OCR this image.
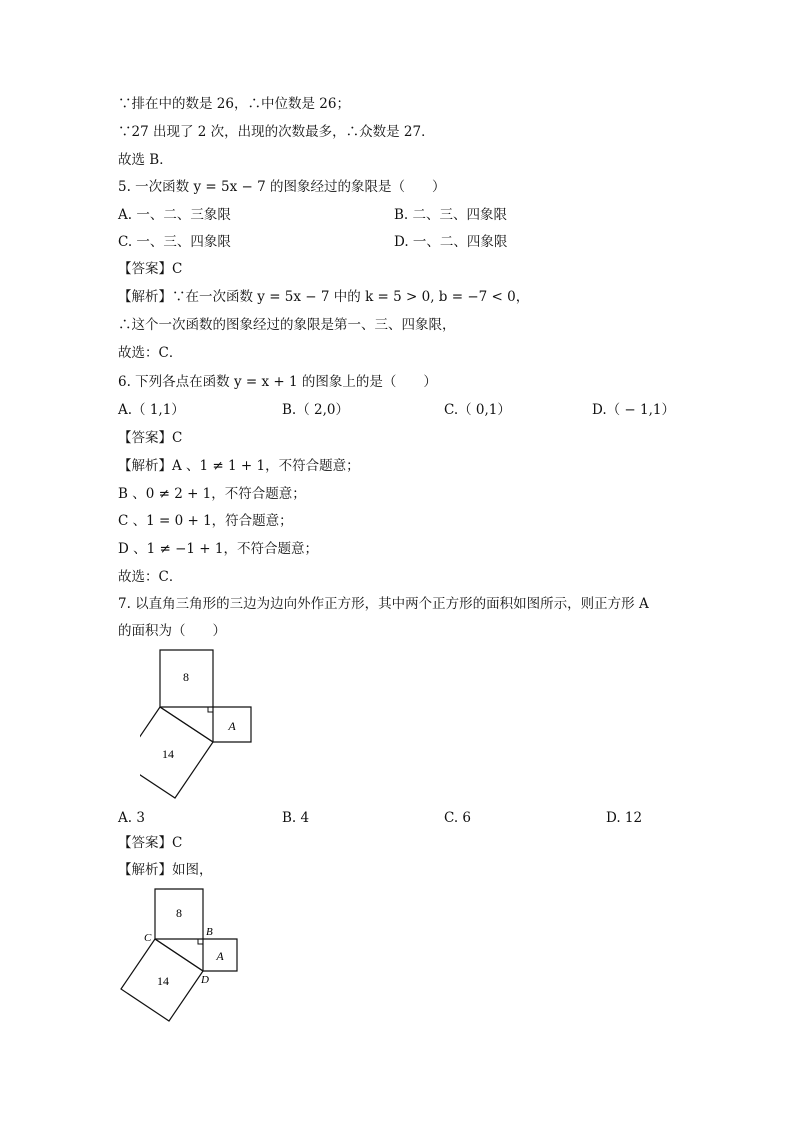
∵排在中的数是 26，∴中位数是 26；
∵27 出现了 2 次，出现的次数最多，∴众数是 27．
故选 B．
5. 一次函数 y = 5x − 7 的图象经过的象限是（　　）
A. 一、二、三象限	B. 二、三、四象限
C. 一、三、四象限	D. 一、二、四象限
【答案】C
【解析】∵在一次函数 y = 5x − 7 中的 k = 5 > 0, b = −7 < 0，
∴这个一次函数的图象经过的象限是第一、三、四象限，
故选：C．
6. 下列各点在函数 y = x + 1 的图象上的是（　　）
A.（ 1,1）	B.（ 2,0）	C.（ 0,1）	D.（ − 1,1）
【答案】C
【解析】A 、1 ≠ 1 + 1，不符合题意；
B 、0 ≠ 2 + 1，不符合题意；
C 、1 = 0 + 1，符合题意；
D 、1 ≠ −1 + 1，不符合题意；
故选：C．
7. 以直角三角形的三边为边向外作正方形，其中两个正方形的面积如图所示，则正方形 A
的面积为（　　）
8
14
A
A. 3	B. 4	C. 6	D. 12
【答案】C
【解析】如图，
8
14
A
B
C
D
